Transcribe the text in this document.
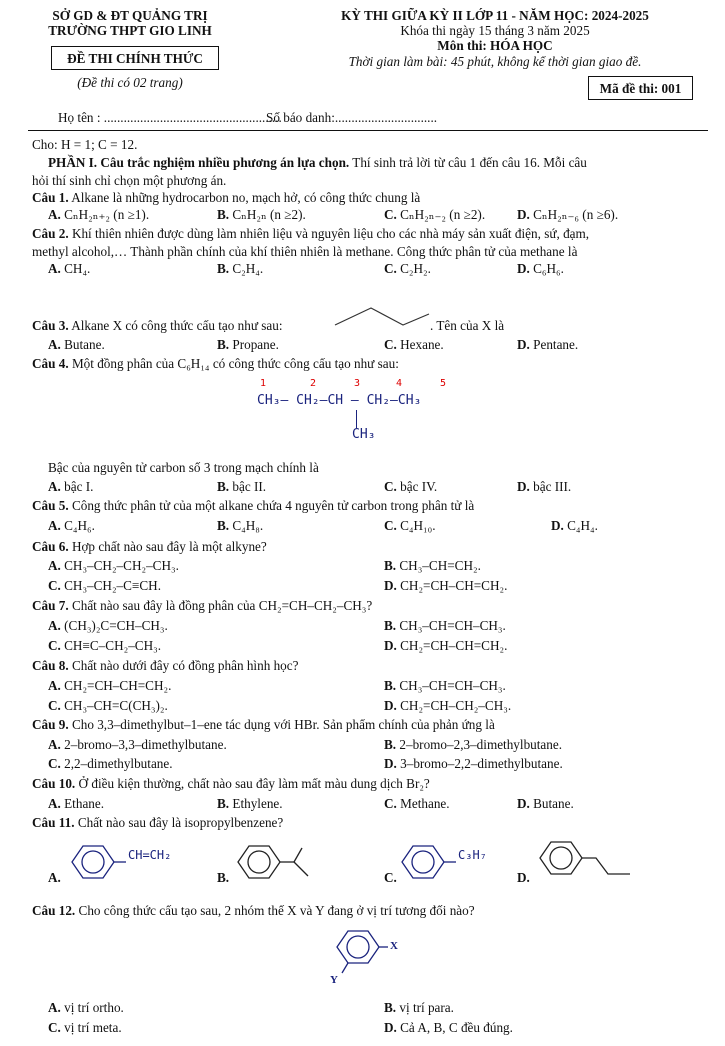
SỞ GD & ĐT QUẢNG TRỊ
TRƯỜNG THPT GIO LINH
ĐỀ THI CHÍNH THỨC
(Đề thi có 02 trang)
KỲ THI GIỮA KỲ II LỚP 11 - NĂM HỌC: 2024-2025
Khóa thi ngày 15 tháng 3 năm 2025
Môn thi: HÓA HỌC
Thời gian làm bài: 45 phút, không kể thời gian giao đề.
Mã đề thi: 001
Họ tên : ......................................................
Số báo danh:...............................
Cho: H = 1; C = 12.
PHẦN I. Câu trắc nghiệm nhiều phương án lựa chọn. Thí sinh trả lời từ câu 1 đến câu 16. Mỗi câu
hỏi thí sinh chỉ chọn một phương án.
Câu 1. Alkane là những hydrocarbon no, mạch hở, có công thức chung là
A. CₙH₂ₙ₊₂ (n ≥1).	B. CₙH₂ₙ (n ≥2).	C. CₙH₂ₙ₋₂ (n ≥2). D. CₙH₂ₙ₋₆ (n ≥6).
Câu 2. Khí thiên nhiên được dùng làm nhiên liệu và nguyên liệu cho các nhà máy sản xuất điện, sứ, đạm,
methyl alcohol,… Thành phần chính của khí thiên nhiên là methane. Công thức phân tử của methane là
A. CH₄.	B. C₂H₄.	C. C₂H₂.	D. C₆H₆.
Câu 3. Alkane X có công thức cấu tạo như sau:	. Tên của X là
A. Butane.	B. Propane.	C. Hexane.	D. Pentane.
Câu 4. Một đồng phân của C₆H₁₄ có công thức công cấu tạo như sau:
1	2	3	4	5
CH₃— CH₂—CH — CH₂—CH₃
CH₃
Bậc của nguyên tử carbon số 3 trong mạch chính là
A. bậc I.	B. bậc II.	C. bậc IV.	D. bậc III.
Câu 5. Công thức phân tử của một alkane chứa 4 nguyên tử carbon trong phân tử là
A. C₄H₆.	B. C₄H₈.	C. C₄H₁₀.	D. C₄H₄.
Câu 6. Hợp chất nào sau đây là một alkyne?
A. CH₃–CH₂–CH₂–CH₃.	B. CH₃–CH=CH₂.
C. CH₃–CH₂–C≡CH.	D. CH₂=CH–CH=CH₂.
Câu 7. Chất nào sau đây là đồng phân của CH₂=CH–CH₂–CH₃?
A. (CH₃)₂C=CH–CH₃.	B. CH₃–CH=CH–CH₃.
C. CH≡C–CH₂–CH₃.	D. CH₂=CH–CH=CH₂.
Câu 8. Chất nào dưới đây có đồng phân hình học?
A. CH₂=CH–CH=CH₂.	B. CH₃–CH=CH–CH₃.
C. CH₃–CH=C(CH₃)₂.	D. CH₂=CH–CH₂–CH₃.
Câu 9. Cho 3,3–dimethylbut–1–ene tác dụng với HBr. Sản phẩm chính của phản ứng là
A. 2–bromo–3,3–dimethylbutane.	B. 2–bromo–2,3–dimethylbutane.
C. 2,2–dimethylbutane.	D. 3–bromo–2,2–dimethylbutane.
Câu 10. Ở điều kiện thường, chất nào sau đây làm mất màu dung dịch Br₂?
A. Ethane.	B. Ethylene.	C. Methane.	D. Butane.
Câu 11. Chất nào sau đây là isopropylbenzene?
A.
CH=CH₂
B.	C.
C₃H₇
D.
Câu 12. Cho công thức cấu tạo sau, 2 nhóm thế X và Y đang ở vị trí tương đối nào?
X
Y
A. vị trí ortho.	B. vị trí para.
C. vị trí meta.	D. Cả A, B, C đều đúng.
